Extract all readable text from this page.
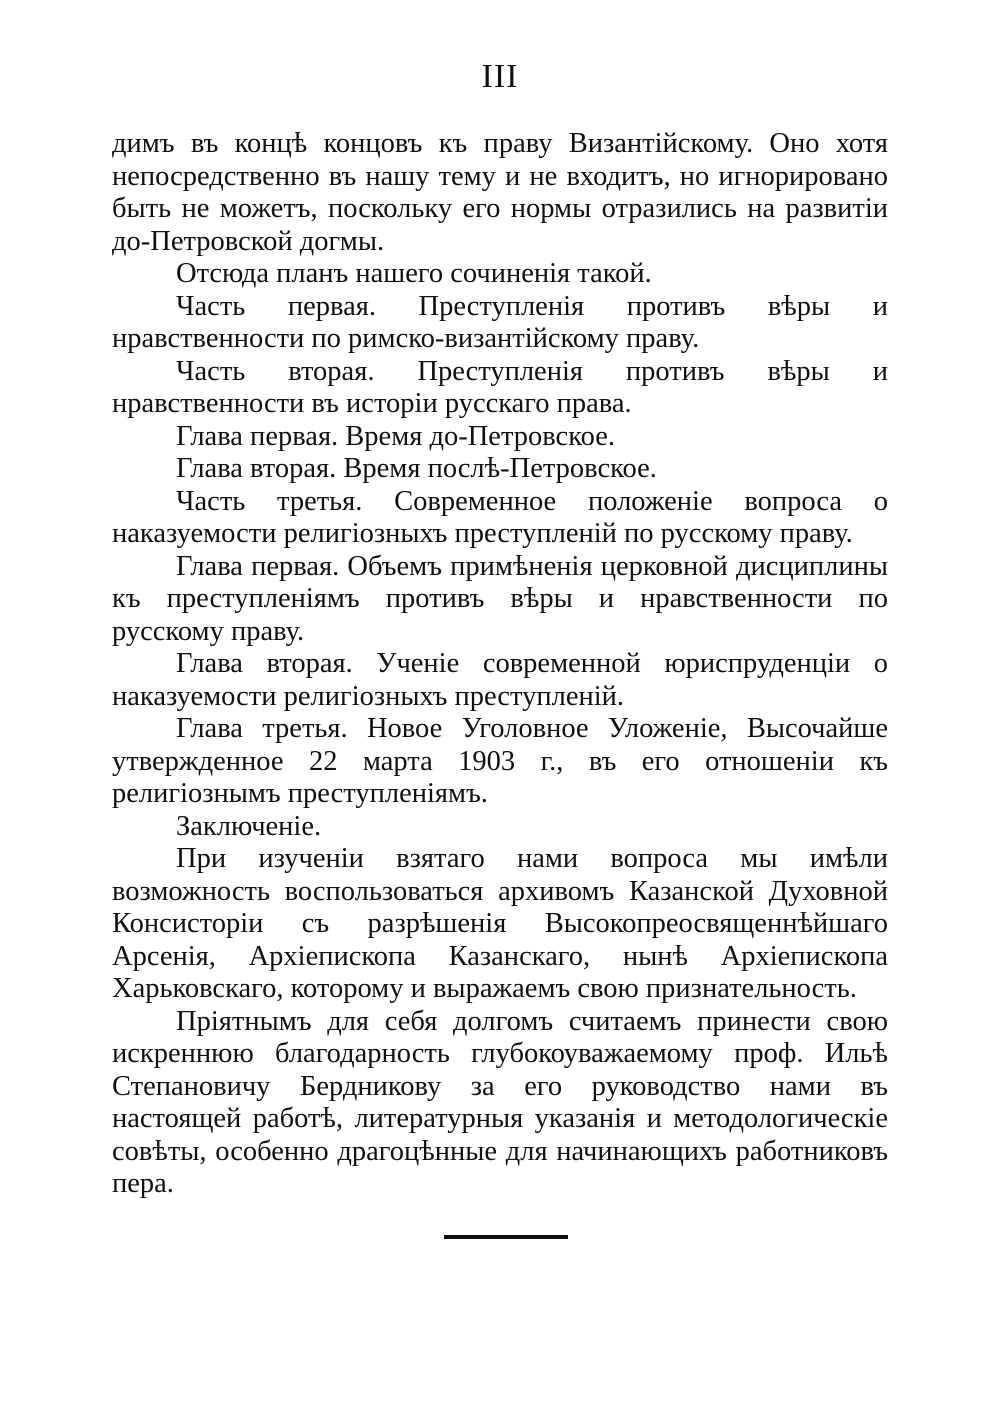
III

димъ въ концѣ концовъ къ праву Византійскому. Оно хотя непосредственно въ нашу тему и не входитъ, но игнорировано быть не можетъ, поскольку его нормы отразились на развитіи до-Петровской догмы.

Отсюда планъ нашего сочиненія такой.

Часть первая. Преступленія противъ вѣры и нравственности по римско-византійскому праву.

Часть вторая. Преступленія противъ вѣры и нравственности въ исторіи русскаго права.

Глава первая. Время до-Петровское.

Глава вторая. Время послѣ-Петровское.

Часть третья. Современное положеніе вопроса о наказуемости религіозныхъ преступленій по русскому праву.

Глава первая. Объемъ примѣненія церковной дисциплины къ преступленіямъ противъ вѣры и нравственности по русскому праву.

Глава вторая. Ученіе современной юриспруденціи о наказуемости религіозныхъ преступленій.

Глава третья. Новое Уголовное Уложеніе, Высочайше утвержденное 22 марта 1903 г., въ его отношеніи къ религіознымъ преступленіямъ.

Заключеніе.

При изученіи взятаго нами вопроса мы имѣли возможность воспользоваться архивомъ Казанской Духовной Консисторіи съ разрѣшенія Высокопреосвященнѣйшаго Арсенія, Архіепископа Казанскаго, нынѣ Архіепископа Харьковскаго, которому и выражаемъ свою признательность.

Пріятнымъ для себя долгомъ считаемъ принести свою искреннюю благодарность глубокоуважаемому проф. Ильѣ Степановичу Бердникову за его руководство нами въ настоящей работѣ, литературныя указанія и методологическіе совѣты, особенно драгоцѣнные для начинающихъ работниковъ пера.
